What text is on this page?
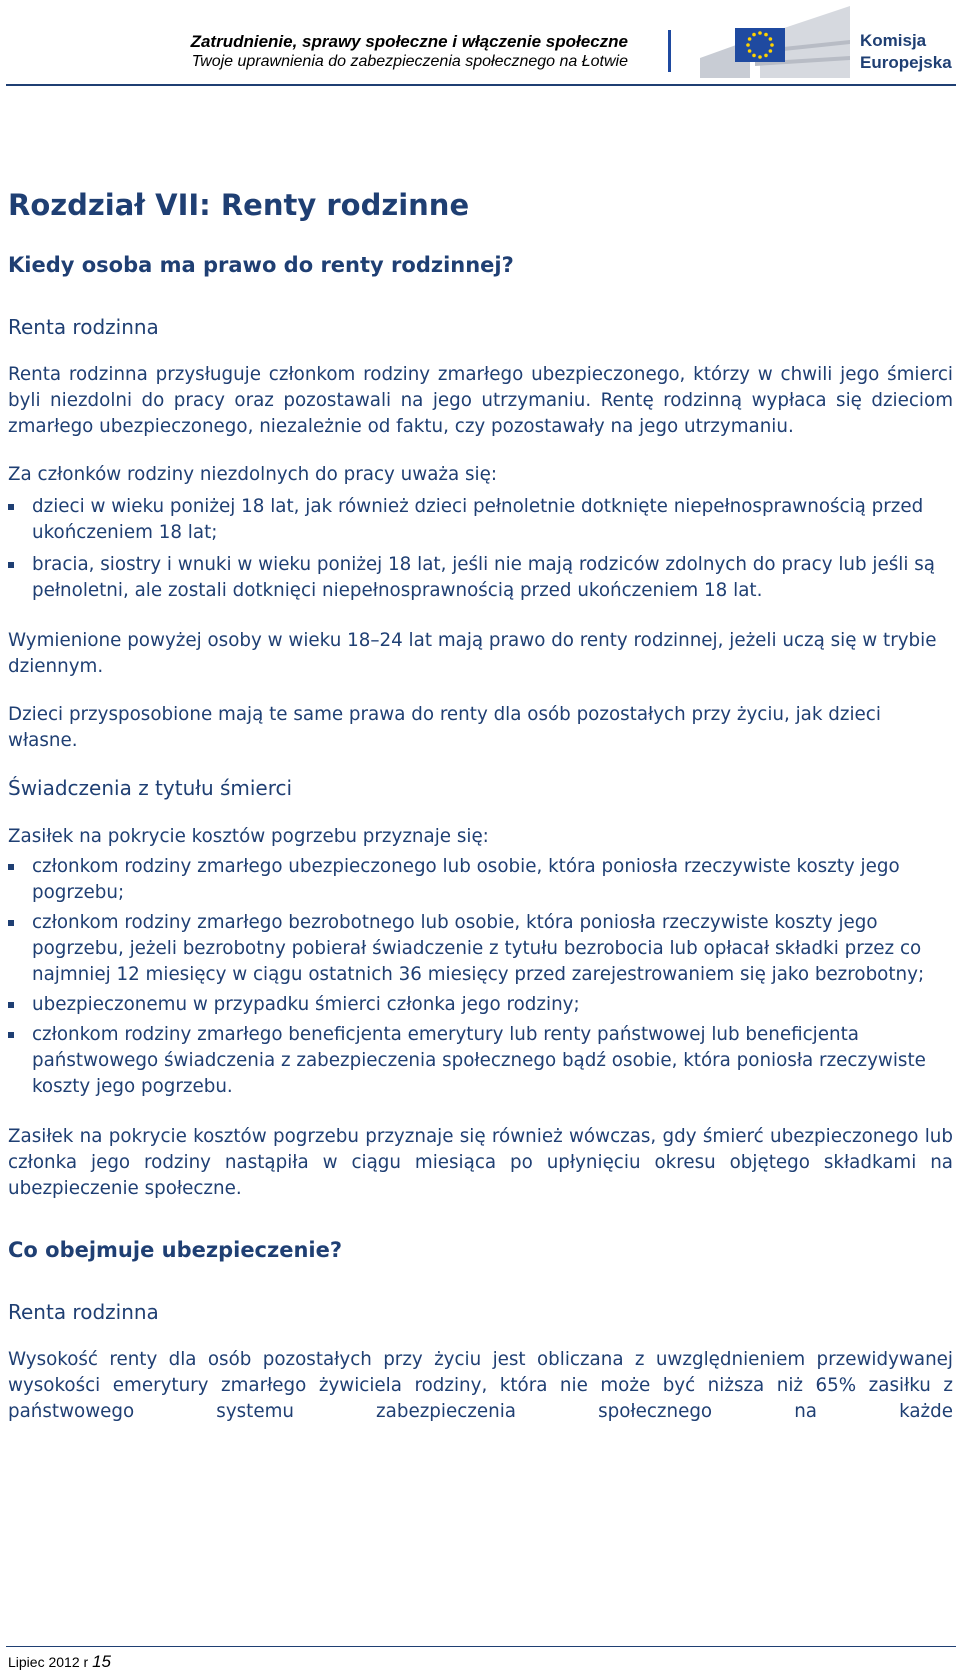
Zatrudnienie, sprawy społeczne i włączenie społeczne
Twoje uprawnienia do zabezpieczenia społecznego na Łotwie
Komisja
Europejska
Rozdział VII: Renty rodzinne
Kiedy osoba ma prawo do renty rodzinnej?
Renta rodzinna

Renta rodzinna przysługuje członkom rodziny zmarłego ubezpieczonego, którzy w chwili jego śmierci byli niezdolni do pracy oraz pozostawali na jego utrzymaniu. Rentę rodzinną wypłaca się dzieciom zmarłego ubezpieczonego, niezależnie od faktu, czy pozostawały na jego utrzymaniu.

Za członków rodziny niezdolnych do pracy uważa się:

dzieci w wieku poniżej 18 lat, jak również dzieci pełnoletnie dotknięte niepełnosprawnością przed ukończeniem 18 lat;
bracia, siostry i wnuki w wieku poniżej 18 lat, jeśli nie mają rodziców zdolnych do pracy lub jeśli są pełnoletni, ale zostali dotknięci niepełnosprawnością przed ukończeniem 18 lat.

Wymienione powyżej osoby w wieku 18–24 lat mają prawo do renty rodzinnej, jeżeli uczą się w trybie dziennym.

Dzieci przysposobione mają te same prawa do renty dla osób pozostałych przy życiu, jak dzieci własne.

Świadczenia z tytułu śmierci

Zasiłek na pokrycie kosztów pogrzebu przyznaje się:

członkom rodziny zmarłego ubezpieczonego lub osobie, która poniosła rzeczywiste koszty jego pogrzebu;
członkom rodziny zmarłego bezrobotnego lub osobie, która poniosła rzeczywiste koszty jego pogrzebu, jeżeli bezrobotny pobierał świadczenie z tytułu bezrobocia lub opłacał składki przez co najmniej 12 miesięcy w ciągu ostatnich 36 miesięcy przed zarejestrowaniem się jako bezrobotny;
ubezpieczonemu w przypadku śmierci członka jego rodziny;
członkom rodziny zmarłego beneficjenta emerytury lub renty państwowej lub beneficjenta państwowego świadczenia z zabezpieczenia społecznego bądź osobie, która poniosła rzeczywiste koszty jego pogrzebu.

Zasiłek na pokrycie kosztów pogrzebu przyznaje się również wówczas, gdy śmierć ubezpieczonego lub członka jego rodziny nastąpiła w ciągu miesiąca po upłynięciu okresu objętego składkami na ubezpieczenie społeczne.

Co obejmuje ubezpieczenie?
Renta rodzinna

Wysokość renty dla osób pozostałych przy życiu jest obliczana z uwzględnieniem przewidywanej wysokości emerytury zmarłego żywiciela rodziny, która nie może być niższa niż 65% zasiłku z państwowego systemu zabezpieczenia społecznego na każde

Lipiec 2012 r 15
